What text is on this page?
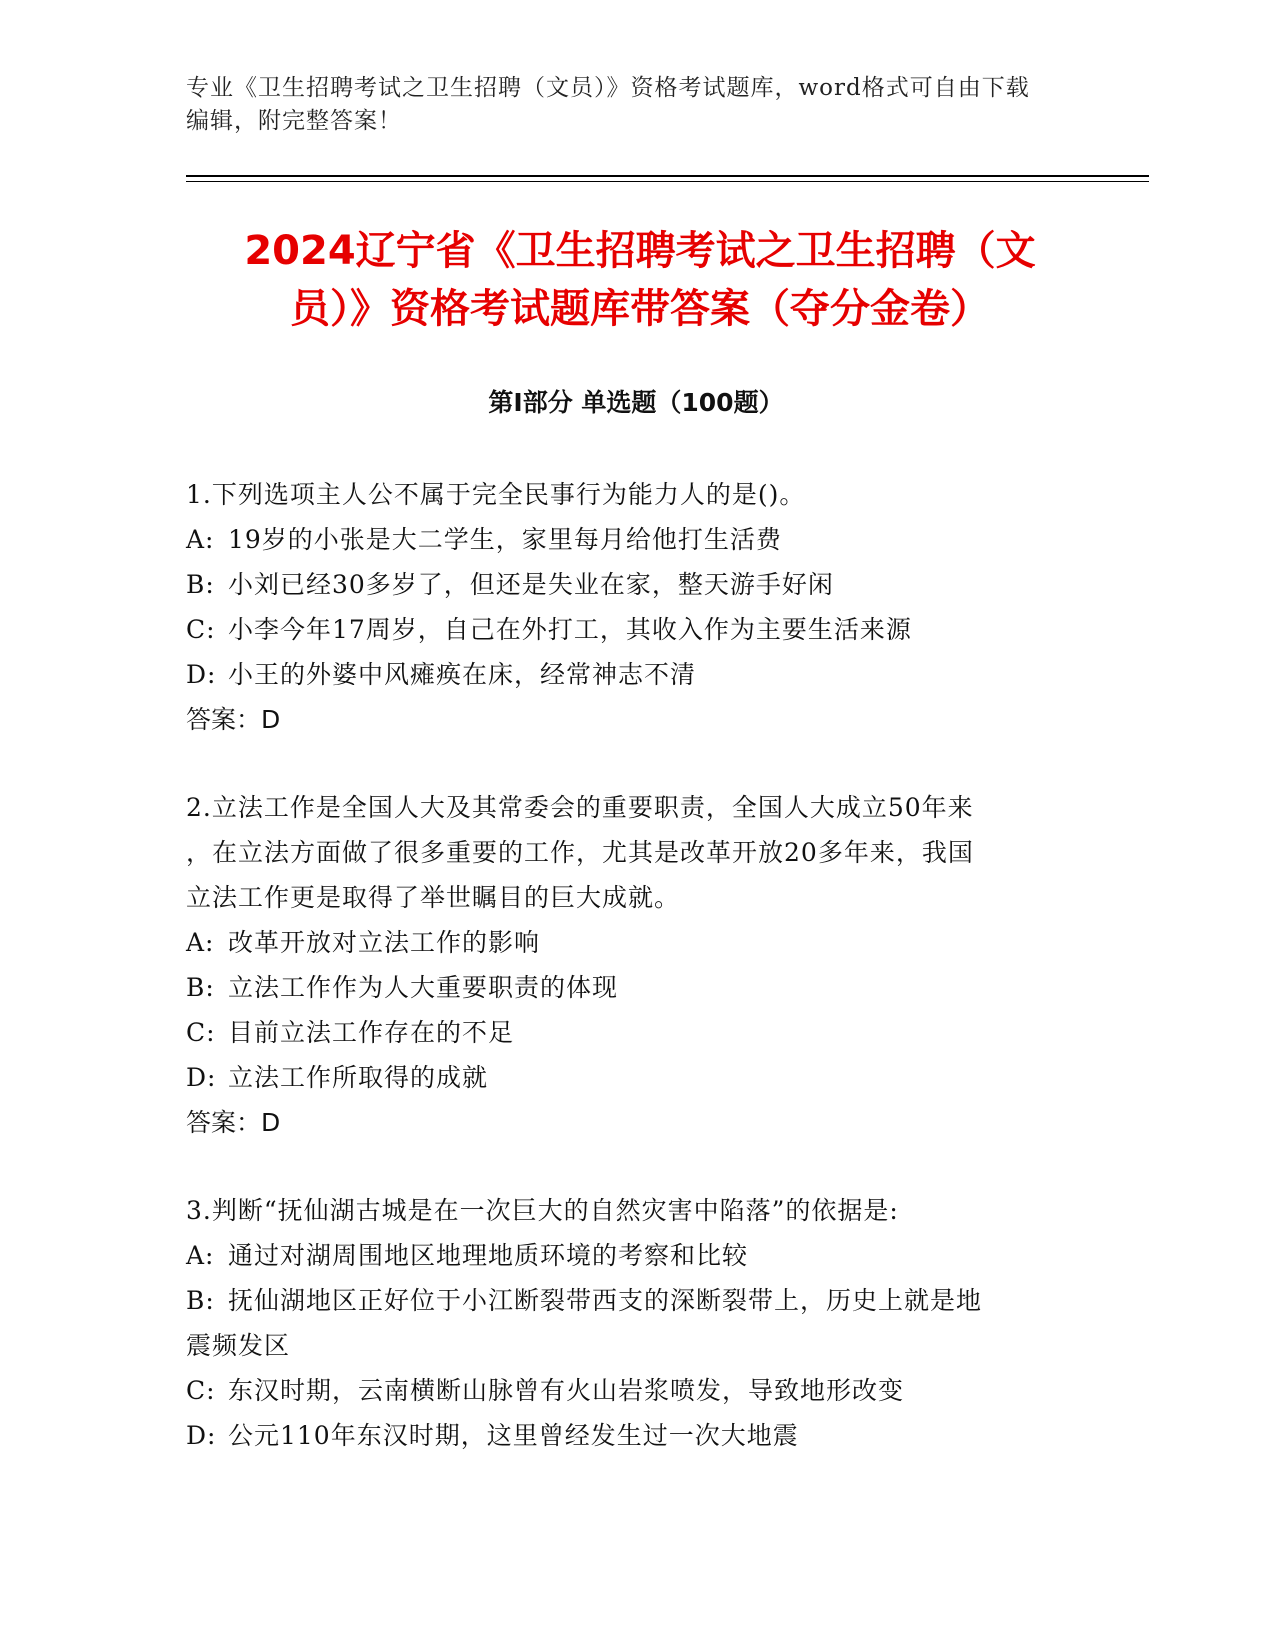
专业《卫生招聘考试之卫生招聘（文员）》资格考试题库，word格式可自由下载
编辑，附完整答案！
2024辽宁省《卫生招聘考试之卫生招聘（文
员）》资格考试题库带答案（夺分金卷）
第I部分 单选题（100题）

1.下列选项主人公不属于完全民事行为能力人的是()。

A: 19岁的小张是大二学生，家里每月给他打生活费

B: 小刘已经30多岁了，但还是失业在家，整天游手好闲

C: 小李今年17周岁，自己在外打工，其收入作为主要生活来源

D: 小王的外婆中风瘫痪在床，经常神志不清

答案：D

2.立法工作是全国人大及其常委会的重要职责，全国人大成立50年来

，在立法方面做了很多重要的工作，尤其是改革开放20多年来，我国

立法工作更是取得了举世瞩目的巨大成就。

A: 改革开放对立法工作的影响

B: 立法工作作为人大重要职责的体现

C: 目前立法工作存在的不足

D: 立法工作所取得的成就

答案：D

3.判断“抚仙湖古城是在一次巨大的自然灾害中陷落”的依据是:

A: 通过对湖周围地区地理地质环境的考察和比较

B: 抚仙湖地区正好位于小江断裂带西支的深断裂带上，历史上就是地

震频发区

C: 东汉时期，云南横断山脉曾有火山岩浆喷发，导致地形改变

D: 公元110年东汉时期，这里曾经发生过一次大地震
